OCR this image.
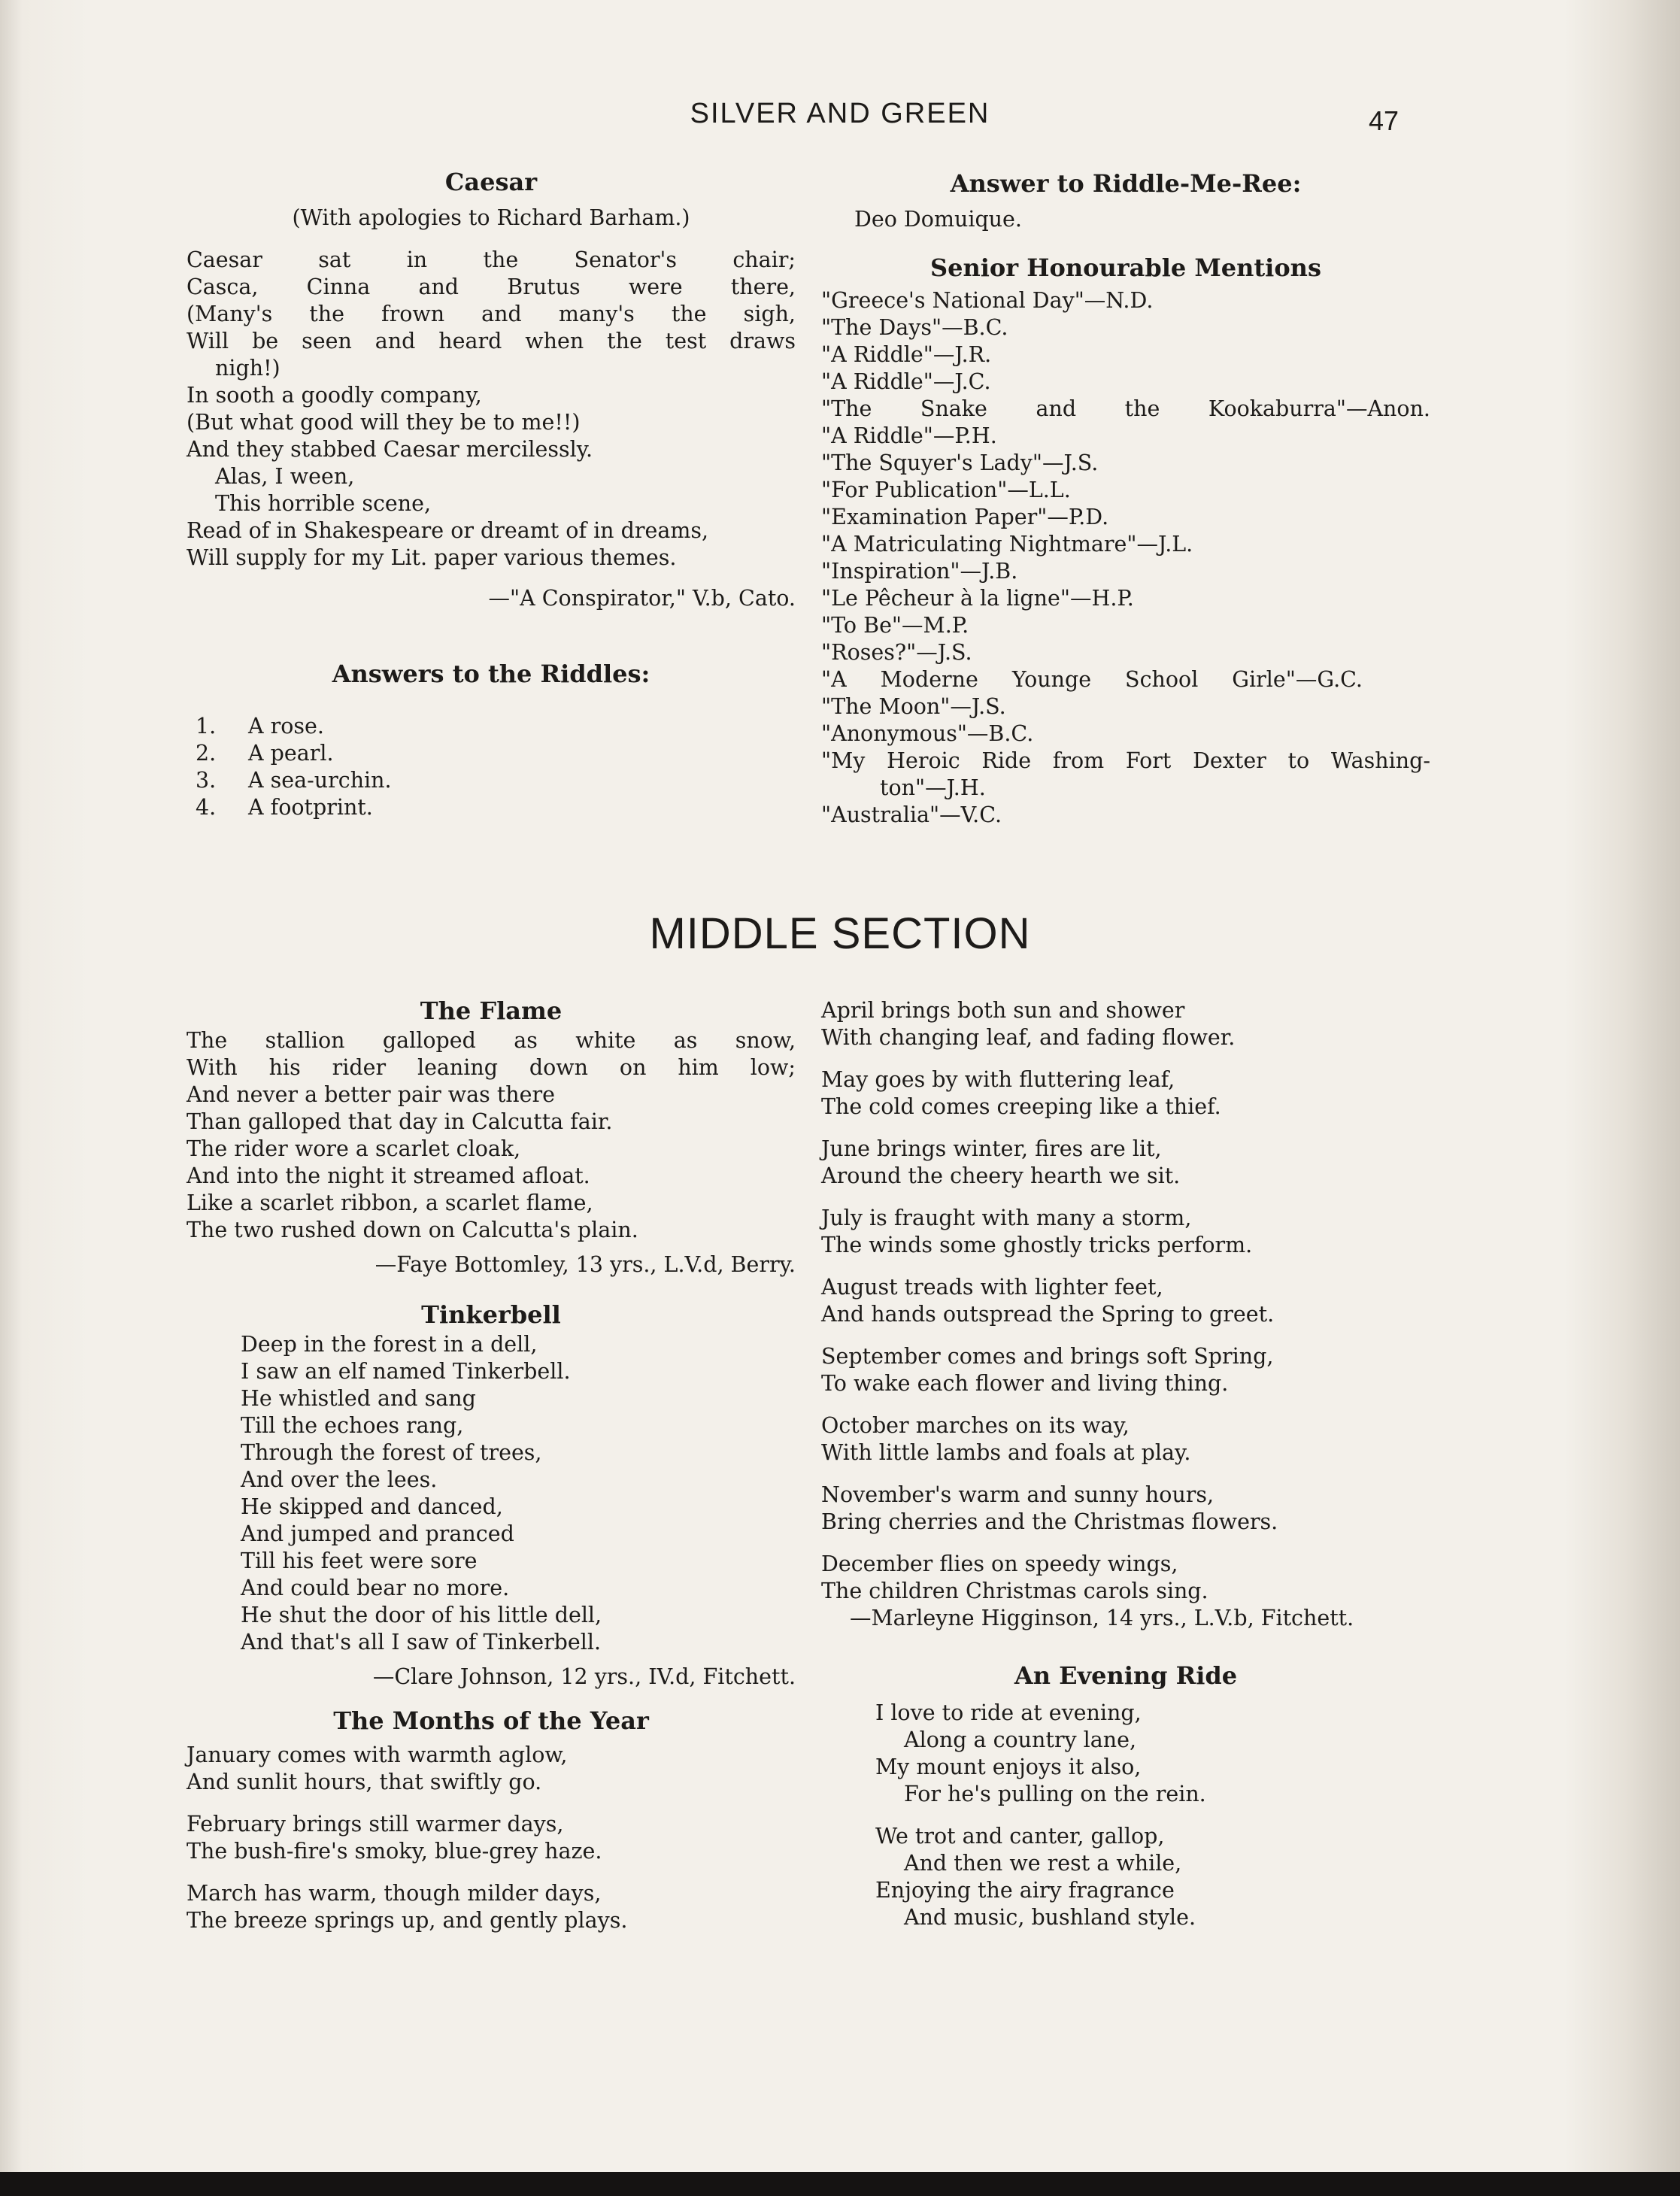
SILVER AND GREEN	47
Caesar
(With apologies to Richard Barham.)
Caesar sat in the Senator's chair;
Casca, Cinna and Brutus were there,
(Many's the frown and many's the sigh,
Will be seen and heard when the test draws
nigh!)
In sooth a goodly company,
(But what good will they be to me!!)
And they stabbed Caesar mercilessly.
Alas, I ween,
This horrible scene,
Read of in Shakespeare or dreamt of in dreams,
Will supply for my Lit. paper various themes.
—"A Conspirator," V.b, Cato.
Answers to the Riddles:
1.	A rose.
2.	A pearl.
3.	A sea-urchin.
4.	A footprint.
Answer to Riddle-Me-Ree:
Deo Domuique.
Senior Honourable Mentions
"Greece's National Day"—N.D.
"The Days"—B.C.
"A Riddle"—J.R.
"A Riddle"—J.C.
"The Snake and the Kookaburra"—Anon.
"A Riddle"—P.H.
"The Squyer's Lady"—J.S.
"For Publication"—L.L.
"Examination Paper"—P.D.
"A Matriculating Nightmare"—J.L.
"Inspiration"—J.B.
"Le Pêcheur à la ligne"—H.P.
"To Be"—M.P.
"Roses?"—J.S.
"A Moderne Younge School Girle"—G.C.
"The Moon"—J.S.
"Anonymous"—B.C.
"My Heroic Ride from Fort Dexter to Washing-
ton"—J.H.
"Australia"—V.C.
MIDDLE SECTION
The Flame
The stallion galloped as white as snow,
With his rider leaning down on him low;
And never a better pair was there
Than galloped that day in Calcutta fair.
The rider wore a scarlet cloak,
And into the night it streamed afloat.
Like a scarlet ribbon, a scarlet flame,
The two rushed down on Calcutta's plain.
—Faye Bottomley, 13 yrs., L.V.d, Berry.
Tinkerbell
Deep in the forest in a dell,
I saw an elf named Tinkerbell.
He whistled and sang
Till the echoes rang,
Through the forest of trees,
And over the lees.
He skipped and danced,
And jumped and pranced
Till his feet were sore
And could bear no more.
He shut the door of his little dell,
And that's all I saw of Tinkerbell.
—Clare Johnson, 12 yrs., IV.d, Fitchett.
The Months of the Year
January comes with warmth aglow,
And sunlit hours, that swiftly go.
February brings still warmer days,
The bush-fire's smoky, blue-grey haze.
March has warm, though milder days,
The breeze springs up, and gently plays.
April brings both sun and shower
With changing leaf, and fading flower.
May goes by with fluttering leaf,
The cold comes creeping like a thief.
June brings winter, fires are lit,
Around the cheery hearth we sit.
July is fraught with many a storm,
The winds some ghostly tricks perform.
August treads with lighter feet,
And hands outspread the Spring to greet.
September comes and brings soft Spring,
To wake each flower and living thing.
October marches on its way,
With little lambs and foals at play.
November's warm and sunny hours,
Bring cherries and the Christmas flowers.
December flies on speedy wings,
The children Christmas carols sing.
—Marleyne Higginson, 14 yrs., L.V.b, Fitchett.
An Evening Ride
I love to ride at evening,
Along a country lane,
My mount enjoys it also,
For he's pulling on the rein.
We trot and canter, gallop,
And then we rest a while,
Enjoying the airy fragrance
And music, bushland style.
